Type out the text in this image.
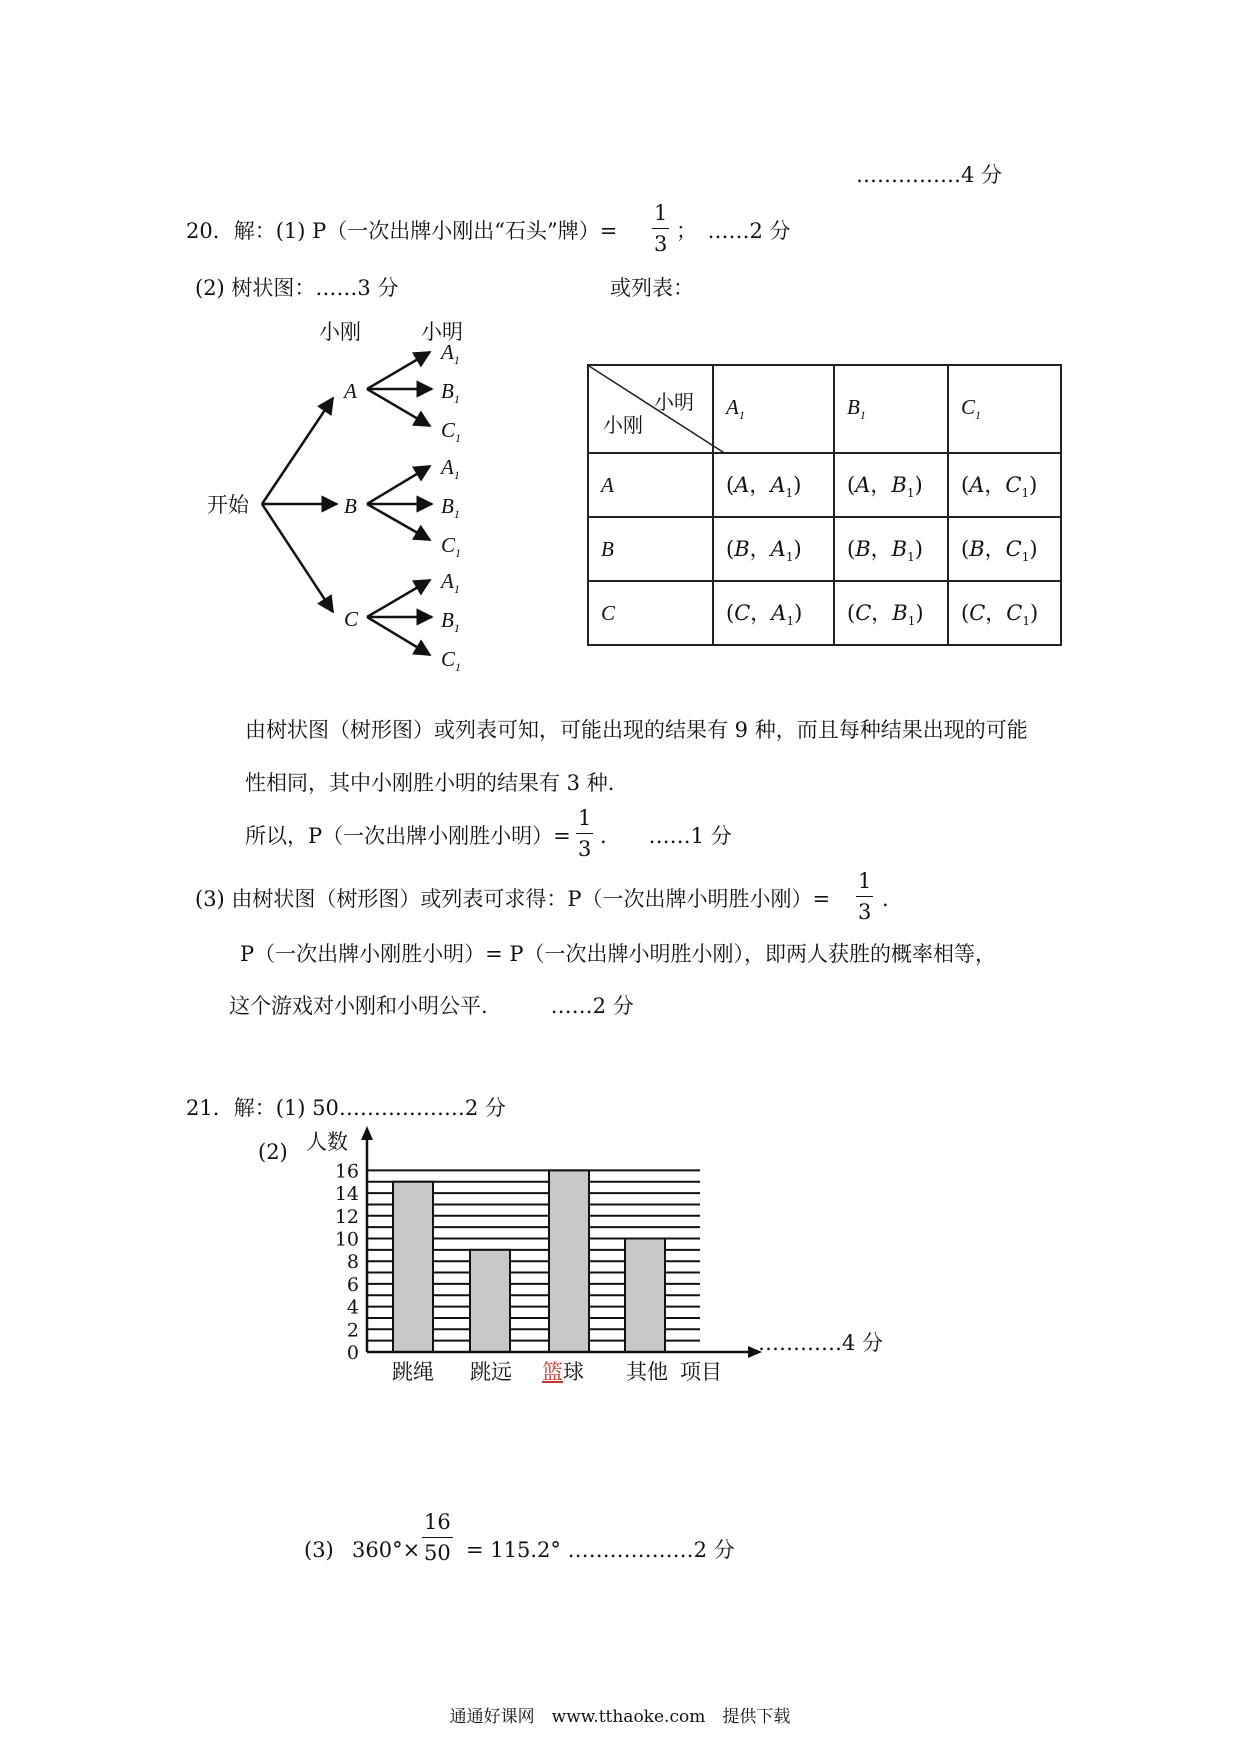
……………4 分
20．解：(1) P（一次出牌小刚出“石头”牌）= $\frac{1}{3}$ ；　……2 分
(2) 树状图：……3 分	或列表：
小刚	小明
开始
A
B
C
$A_1$
$B_1$
$C_1$
$A_1$
$B_1$
$C_1$
$A_1$
$B_1$
$C_1$
小明
小刚	$A_1$	$B_1$	$C_1$
A	(A，$A_1$)	(A，$B_1$)	(A，$C_1$)
B	(B，$A_1$)	(B，$B_1$)	(B，$C_1$)
C	(C，$A_1$)	(C，$B_1$)	(C，$C_1$)
由树状图（树形图）或列表可知，可能出现的结果有 9 种，而且每种结果出现的可能
性相同，其中小刚胜小明的结果有 3 种.
所以，P（一次出牌小刚胜小明）= $\frac{1}{3}$ .　　……1 分
(3) 由树状图（树形图）或列表可求得：P（一次出牌小明胜小刚）= $\frac{1}{3}$ .
P（一次出牌小刚胜小明）= P（一次出牌小明胜小刚），即两人获胜的概率相等，
这个游戏对小刚和小明公平.　　　……2 分
21．解：(1) 50………………2 分
(2)
0
2
4
6
8
10
12
14
16
人数
跳绳 跳远 篮球 其他 项目
…………4 分
(3) $360^\circ\times \frac{16}{50} = 115.2^\circ$ ………………2 分
通通好课网　www.tthaoke.com　提供下载
